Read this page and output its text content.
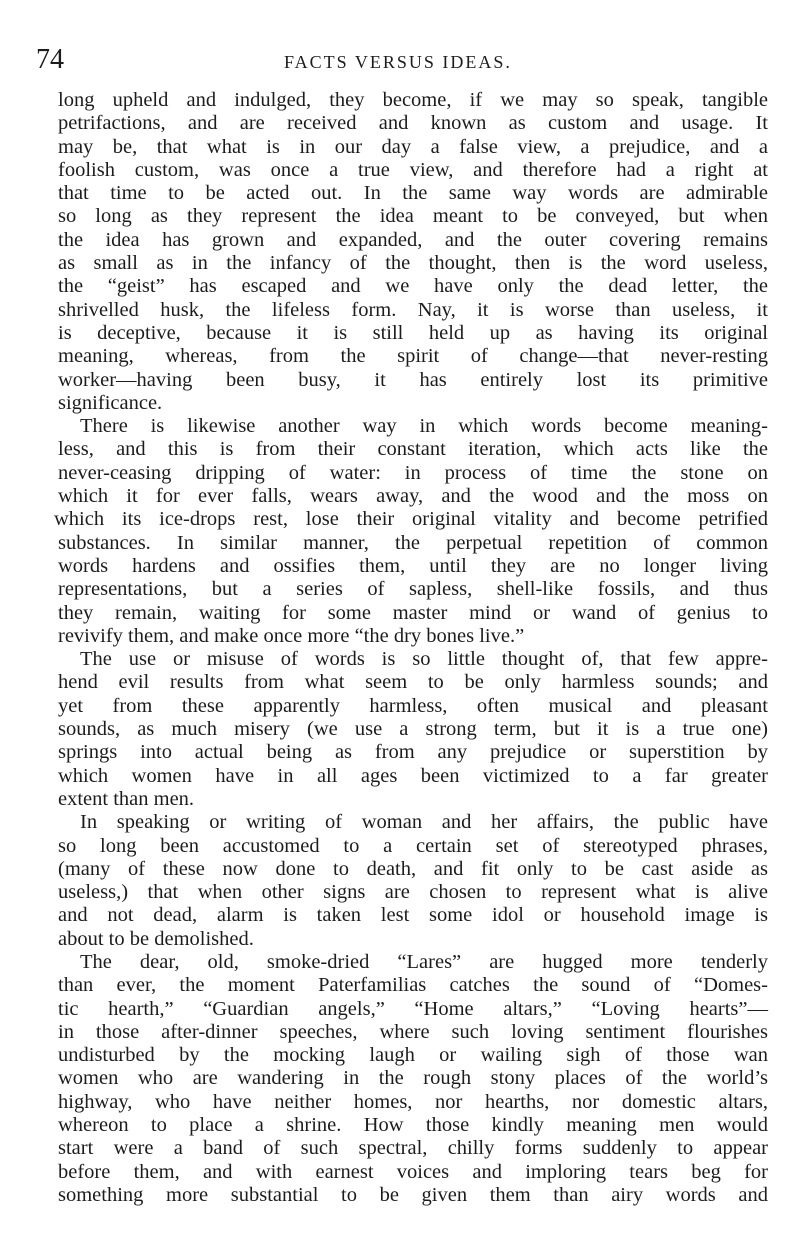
74	FACTS VERSUS IDEAS.
long upheld and indulged, they become, if we may so speak, tangible
petrifactions, and are received and known as custom and usage. It
may be, that what is in our day a false view, a prejudice, and a
foolish custom, was once a true view, and therefore had a right at
that time to be acted out. In the same way words are admirable
so long as they represent the idea meant to be conveyed, but when
the idea has grown and expanded, and the outer covering remains
as small as in the infancy of the thought, then is the word useless,
the “geist” has escaped and we have only the dead letter, the
shrivelled husk, the lifeless form. Nay, it is worse than useless, it
is deceptive, because it is still held up as having its original
meaning, whereas, from the spirit of change—that never-resting
worker—having been busy, it has entirely lost its primitive
significance.
There is likewise another way in which words become meaning-
less, and this is from their constant iteration, which acts like the
never-ceasing dripping of water: in process of time the stone on
which it for ever falls, wears away, and the wood and the moss on
which its ice-drops rest, lose their original vitality and become petrified
substances. In similar manner, the perpetual repetition of common
words hardens and ossifies them, until they are no longer living
representations, but a series of sapless, shell-like fossils, and thus
they remain, waiting for some master mind or wand of genius to
revivify them, and make once more “the dry bones live.”
The use or misuse of words is so little thought of, that few appre-
hend evil results from what seem to be only harmless sounds; and
yet from these apparently harmless, often musical and pleasant
sounds, as much misery (we use a strong term, but it is a true one)
springs into actual being as from any prejudice or superstition by
which women have in all ages been victimized to a far greater
extent than men.
In speaking or writing of woman and her affairs, the public have
so long been accustomed to a certain set of stereotyped phrases,
(many of these now done to death, and fit only to be cast aside as
useless,) that when other signs are chosen to represent what is alive
and not dead, alarm is taken lest some idol or household image is
about to be demolished.
The dear, old, smoke-dried “Lares” are hugged more tenderly
than ever, the moment Paterfamilias catches the sound of “Domes-
tic hearth,” “Guardian angels,” “Home altars,” “Loving hearts”—
in those after-dinner speeches, where such loving sentiment flourishes
undisturbed by the mocking laugh or wailing sigh of those wan
women who are wandering in the rough stony places of the world’s
highway, who have neither homes, nor hearths, nor domestic altars,
whereon to place a shrine. How those kindly meaning men would
start were a band of such spectral, chilly forms suddenly to appear
before them, and with earnest voices and imploring tears beg for
something more substantial to be given them than airy words and
